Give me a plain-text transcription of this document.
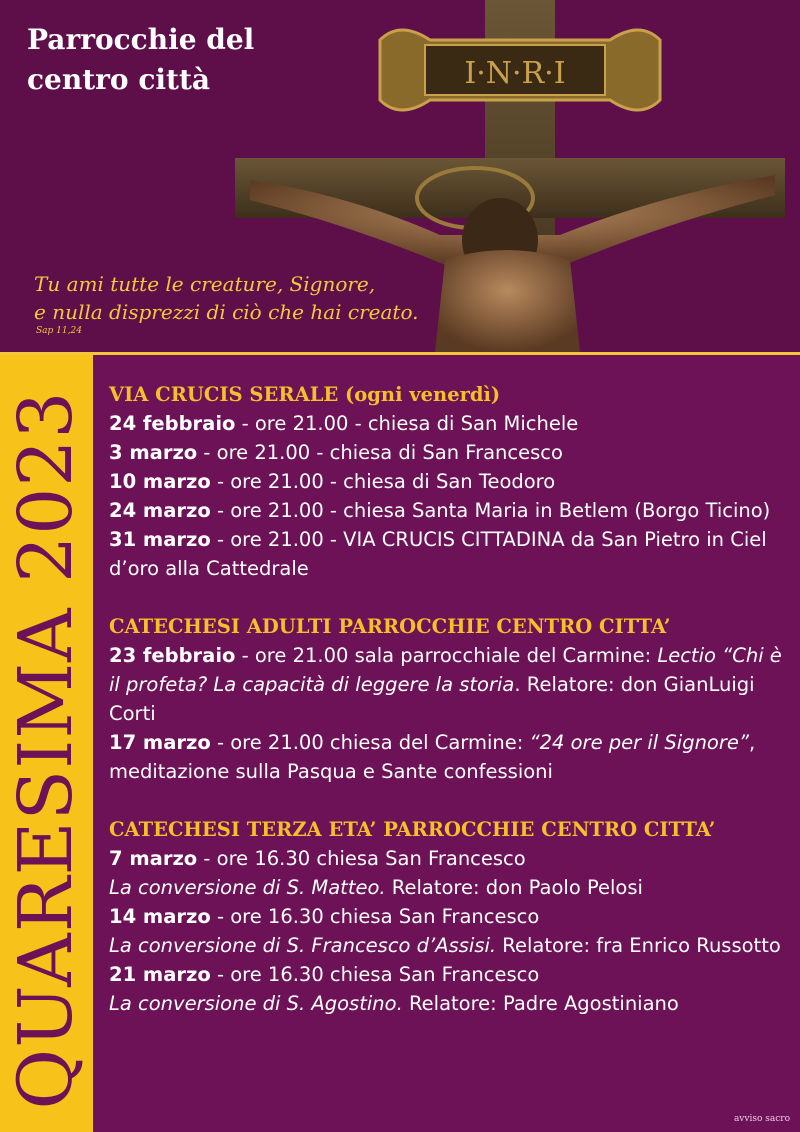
Parrocchie del
centro città	I·N·R·I
Tu ami tutte le creature, Signore,
e nulla disprezzi di ciò che hai creato.
Sap 11,24
QUARESIMA 2023 VIA CRUCIS SERALE (ogni venerdì)

24 febbraio - ore 21.00 - chiesa di San Michele

3 marzo - ore 21.00 - chiesa di San Francesco

10 marzo - ore 21.00 - chiesa di San Teodoro

24 marzo - ore 21.00 - chiesa Santa Maria in Betlem (Borgo Ticino)

31 marzo - ore 21.00 - VIA CRUCIS CITTADINA da San Pietro in Ciel d’oro alla Cattedrale

CATECHESI ADULTI PARROCCHIE CENTRO CITTA’

23 febbraio - ore 21.00 sala parrocchiale del Carmine: Lectio “Chi è il profeta? La capacità di leggere la storia. Relatore: don GianLuigi Corti

17 marzo - ore 21.00 chiesa del Carmine: “24 ore per il Signore”, meditazione sulla Pasqua e Sante confessioni

CATECHESI TERZA ETA’ PARROCCHIE CENTRO CITTA’

7 marzo - ore 16.30 chiesa San Francesco

La conversione di S. Matteo. Relatore: don Paolo Pelosi

14 marzo - ore 16.30 chiesa San Francesco

La conversione di S. Francesco d’Assisi. Relatore: fra Enrico Russotto

21 marzo - ore 16.30 chiesa San Francesco

La conversione di S. Agostino. Relatore: Padre Agostiniano

avviso sacro
